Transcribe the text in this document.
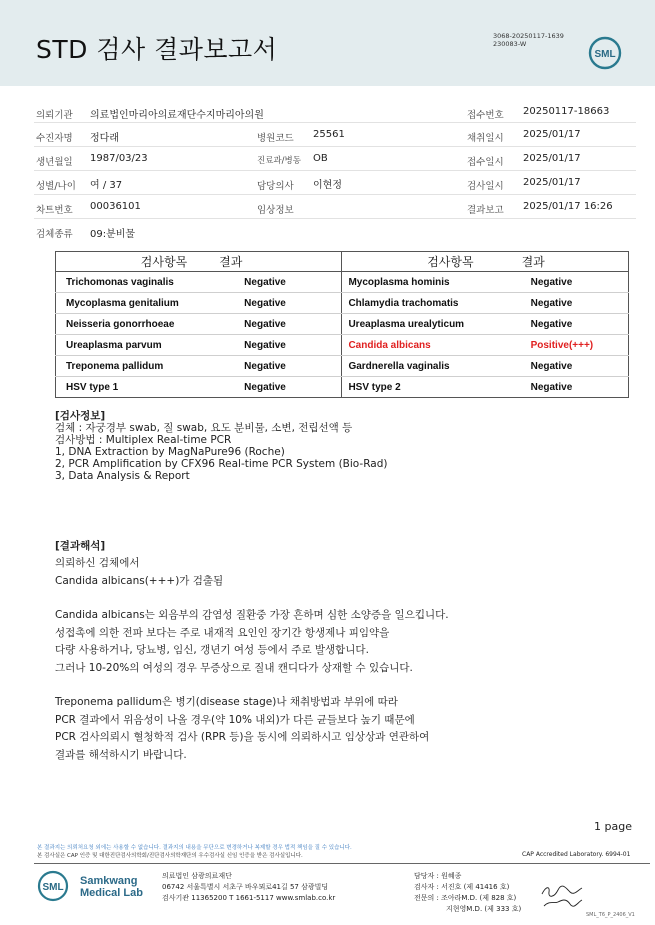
STD 검사 결과보고서	3068-20250117-1639
230083-W
SML
의뢰기관 의료법인마리아의료재단수지마리아의원	접수번호 20250117-18663
수진자명 정다래	병원코드 25561	채취일시 2025/01/17
생년월일 1987/03/23	진료과/병동 OB	접수일시 2025/01/17
성별/나이 여 / 37	담당의사 이현정	검사일시 2025/01/17
차트번호 00036101	임상정보	결과보고 2025/01/17 16:26
검체종류 09:분비물
검사항목	결과	검사항목	결과
Trichomonas vaginalis	Negative	Mycoplasma hominis	Negative
Mycoplasma genitalium	Negative	Chlamydia trachomatis	Negative
Neisseria gonorrhoeae	Negative	Ureaplasma urealyticum	Negative
Ureaplasma parvum	Negative	Candida albicans	Positive(+++)
Treponema pallidum	Negative	Gardnerella vaginalis	Negative
HSV type 1	Negative	HSV type 2	Negative
[검사정보]
검체 : 자궁경부 swab, 질 swab, 요도 분비물, 소변, 전립선액 등
검사방법 : Multiplex Real-time PCR
1, DNA Extraction by MagNaPure96 (Roche)
2, PCR Amplification by CFX96 Real-time PCR System (Bio-Rad)
3, Data Analysis & Report
[결과해석]
의뢰하신 검체에서
Candida albicans(+++)가 검출됨
Candida albicans는 외음부의 감염성 질환중 가장 흔하며 심한 소양증을 일으킵니다.
성접촉에 의한 전파 보다는 주로 내재적 요인인 장기간 항생제나 피임약을
다량 사용하거나, 당뇨병, 임신, 갱년기 여성 등에서 주로 발생합니다.
그러나 10-20%의 여성의 경우 무증상으로 질내 캔디다가 상재할 수 있습니다.
Treponema pallidum은 병기(disease stage)나 채취방법과 부위에 따라
PCR 결과에서 위음성이 나올 경우(약 10% 내외)가 다른 균들보다 높기 때문에
PCR 검사의뢰시 혈청학적 검사 (RPR 등)을 동시에 의뢰하시고 임상상과 연관하여
결과를 해석하시기 바랍니다.
1 page
본 결과지는 의뢰처요청 외에는 사용할 수 없습니다. 결과지의 내용을 무단으로 변경하거나 복제할 경우 법적 책임을 질 수 있습니다.
본 검사실은 CAP 인증 및 대한진단검사의학회/진단검사의학재단의 우수검사실 신임 인증을 받은 검사실입니다.	CAP Accredited Laboratory. 6994-01
SML
Samkwang
Medical Lab
의료법인 삼광의료재단
06742 서울특별시 서초구 바우뫼로41길 57 삼광빌딩
검사기관 11365200 T 1661-5117 www.smlab.co.kr
담당자 : 원혜종
검사자 : 서진호 (제 41416 호)
전문의 : 조아라M.D. (제 828 호)
지현영M.D. (제 333 호)
SML_T6_P_2406_V1
